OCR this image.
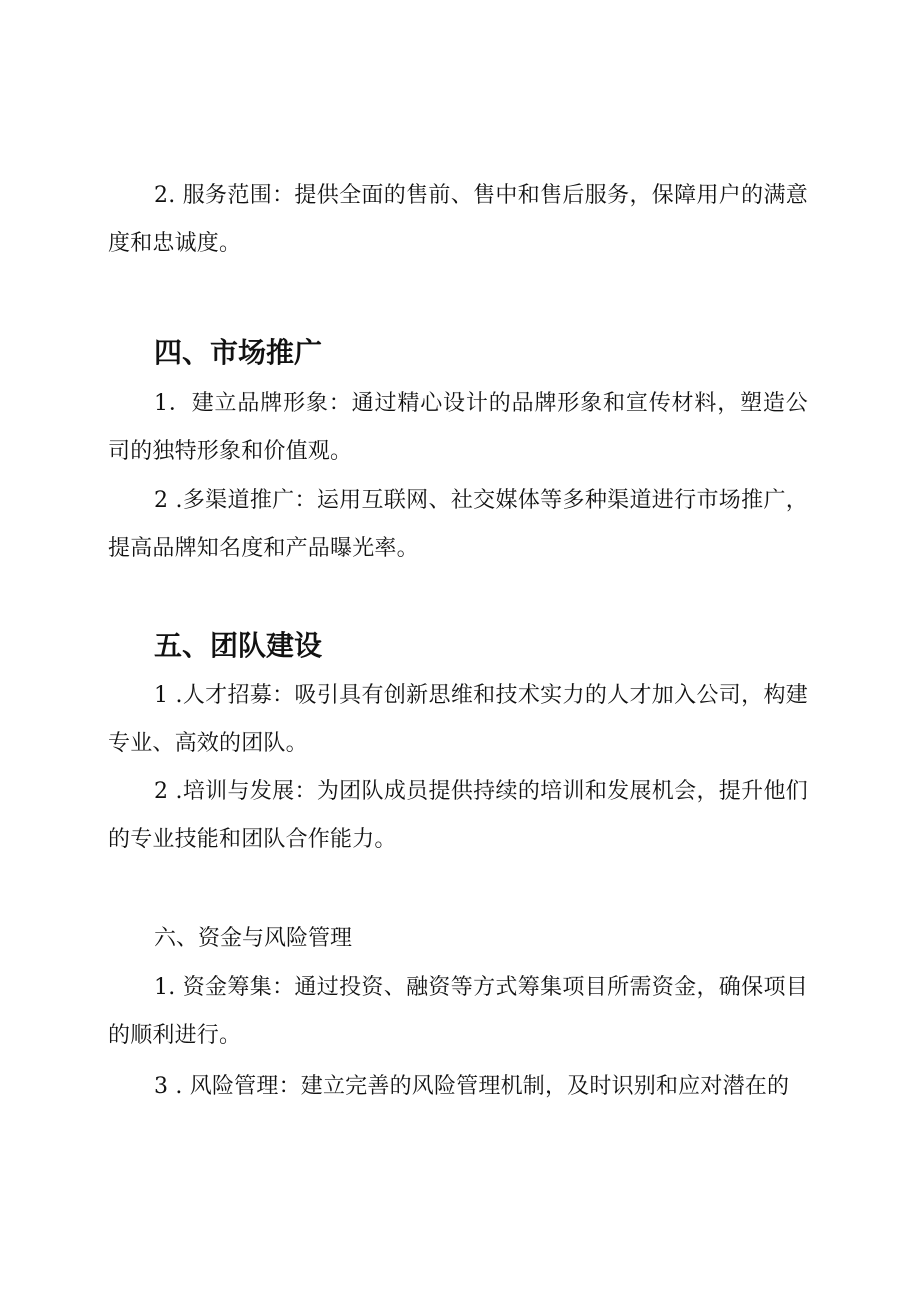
2. 服务范围：提供全面的售前、售中和售后服务，保障用户的满意度和忠诚度。

四、市场推广

1．建立品牌形象：通过精心设计的品牌形象和宣传材料，塑造公司的独特形象和价值观。

2 .多渠道推广：运用互联网、社交媒体等多种渠道进行市场推广，提高品牌知名度和产品曝光率。

五、团队建设

1 .人才招募：吸引具有创新思维和技术实力的人才加入公司，构建专业、高效的团队。

2 .培训与发展：为团队成员提供持续的培训和发展机会，提升他们的专业技能和团队合作能力。

六、资金与风险管理

1. 资金筹集：通过投资、融资等方式筹集项目所需资金，确保项目的顺利进行。

3 . 风险管理：建立完善的风险管理机制，及时识别和应对潜在的
